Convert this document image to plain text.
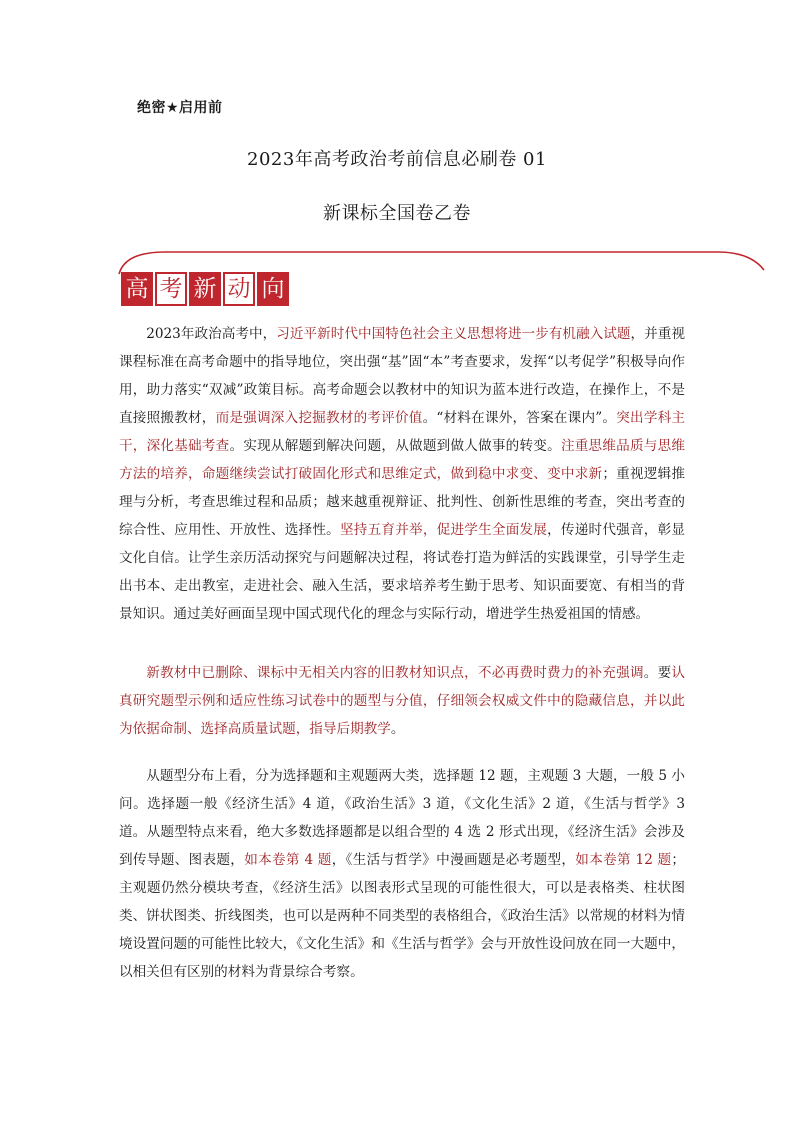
绝密★启用前
2023年高考政治考前信息必刷卷 01
新课标全国卷乙卷
高 考 新 动 向

2023年政治高考中，习近平新时代中国特色社会主义思想将进一步有机融入试题，并重视课程标准在高考命题中的指导地位，突出强“基”固“本”考查要求，发挥“以考促学”积极导向作用，助力落实“双减”政策目标。高考命题会以教材中的知识为蓝本进行改造，在操作上，不是直接照搬教材，而是强调深入挖掘教材的考评价值。“材料在课外，答案在课内”。突出学科主干，深化基础考查。实现从解题到解决问题，从做题到做人做事的转变。注重思维品质与思维方法的培养，命题继续尝试打破固化形式和思维定式，做到稳中求变、变中求新；重视逻辑推理与分析，考查思维过程和品质；越来越重视辩证、批判性、创新性思维的考查，突出考查的综合性、应用性、开放性、选择性。坚持五育并举，促进学生全面发展，传递时代强音，彰显文化自信。让学生亲历活动探究与问题解决过程，将试卷打造为鲜活的实践课堂，引导学生走出书本、走出教室，走进社会、融入生活，要求培养考生勤于思考、知识面要宽、有相当的背景知识。通过美好画面呈现中国式现代化的理念与实际行动，增进学生热爱祖国的情感。

新教材中已删除、课标中无相关内容的旧教材知识点，不必再费时费力的补充强调。要认真研究题型示例和适应性练习试卷中的题型与分值，仔细领会权威文件中的隐藏信息，并以此为依据命制、选择高质量试题，指导后期教学。

从题型分布上看，分为选择题和主观题两大类，选择题 12 题，主观题 3 大题，一般 5 小问。选择题一般《经济生活》4 道，《政治生活》3 道，《文化生活》2 道，《生活与哲学》3 道。从题型特点来看，绝大多数选择题都是以组合型的 4 选 2 形式出现，《经济生活》会涉及到传导题、图表题，如本卷第 4 题，《生活与哲学》中漫画题是必考题型，如本卷第 12 题；主观题仍然分模块考查，《经济生活》以图表形式呈现的可能性很大，可以是表格类、柱状图类、饼状图类、折线图类，也可以是两种不同类型的表格组合，《政治生活》以常规的材料为情境设置问题的可能性比较大，《文化生活》和《生活与哲学》会与开放性设问放在同一大题中，以相关但有区别的材料为背景综合考察。
